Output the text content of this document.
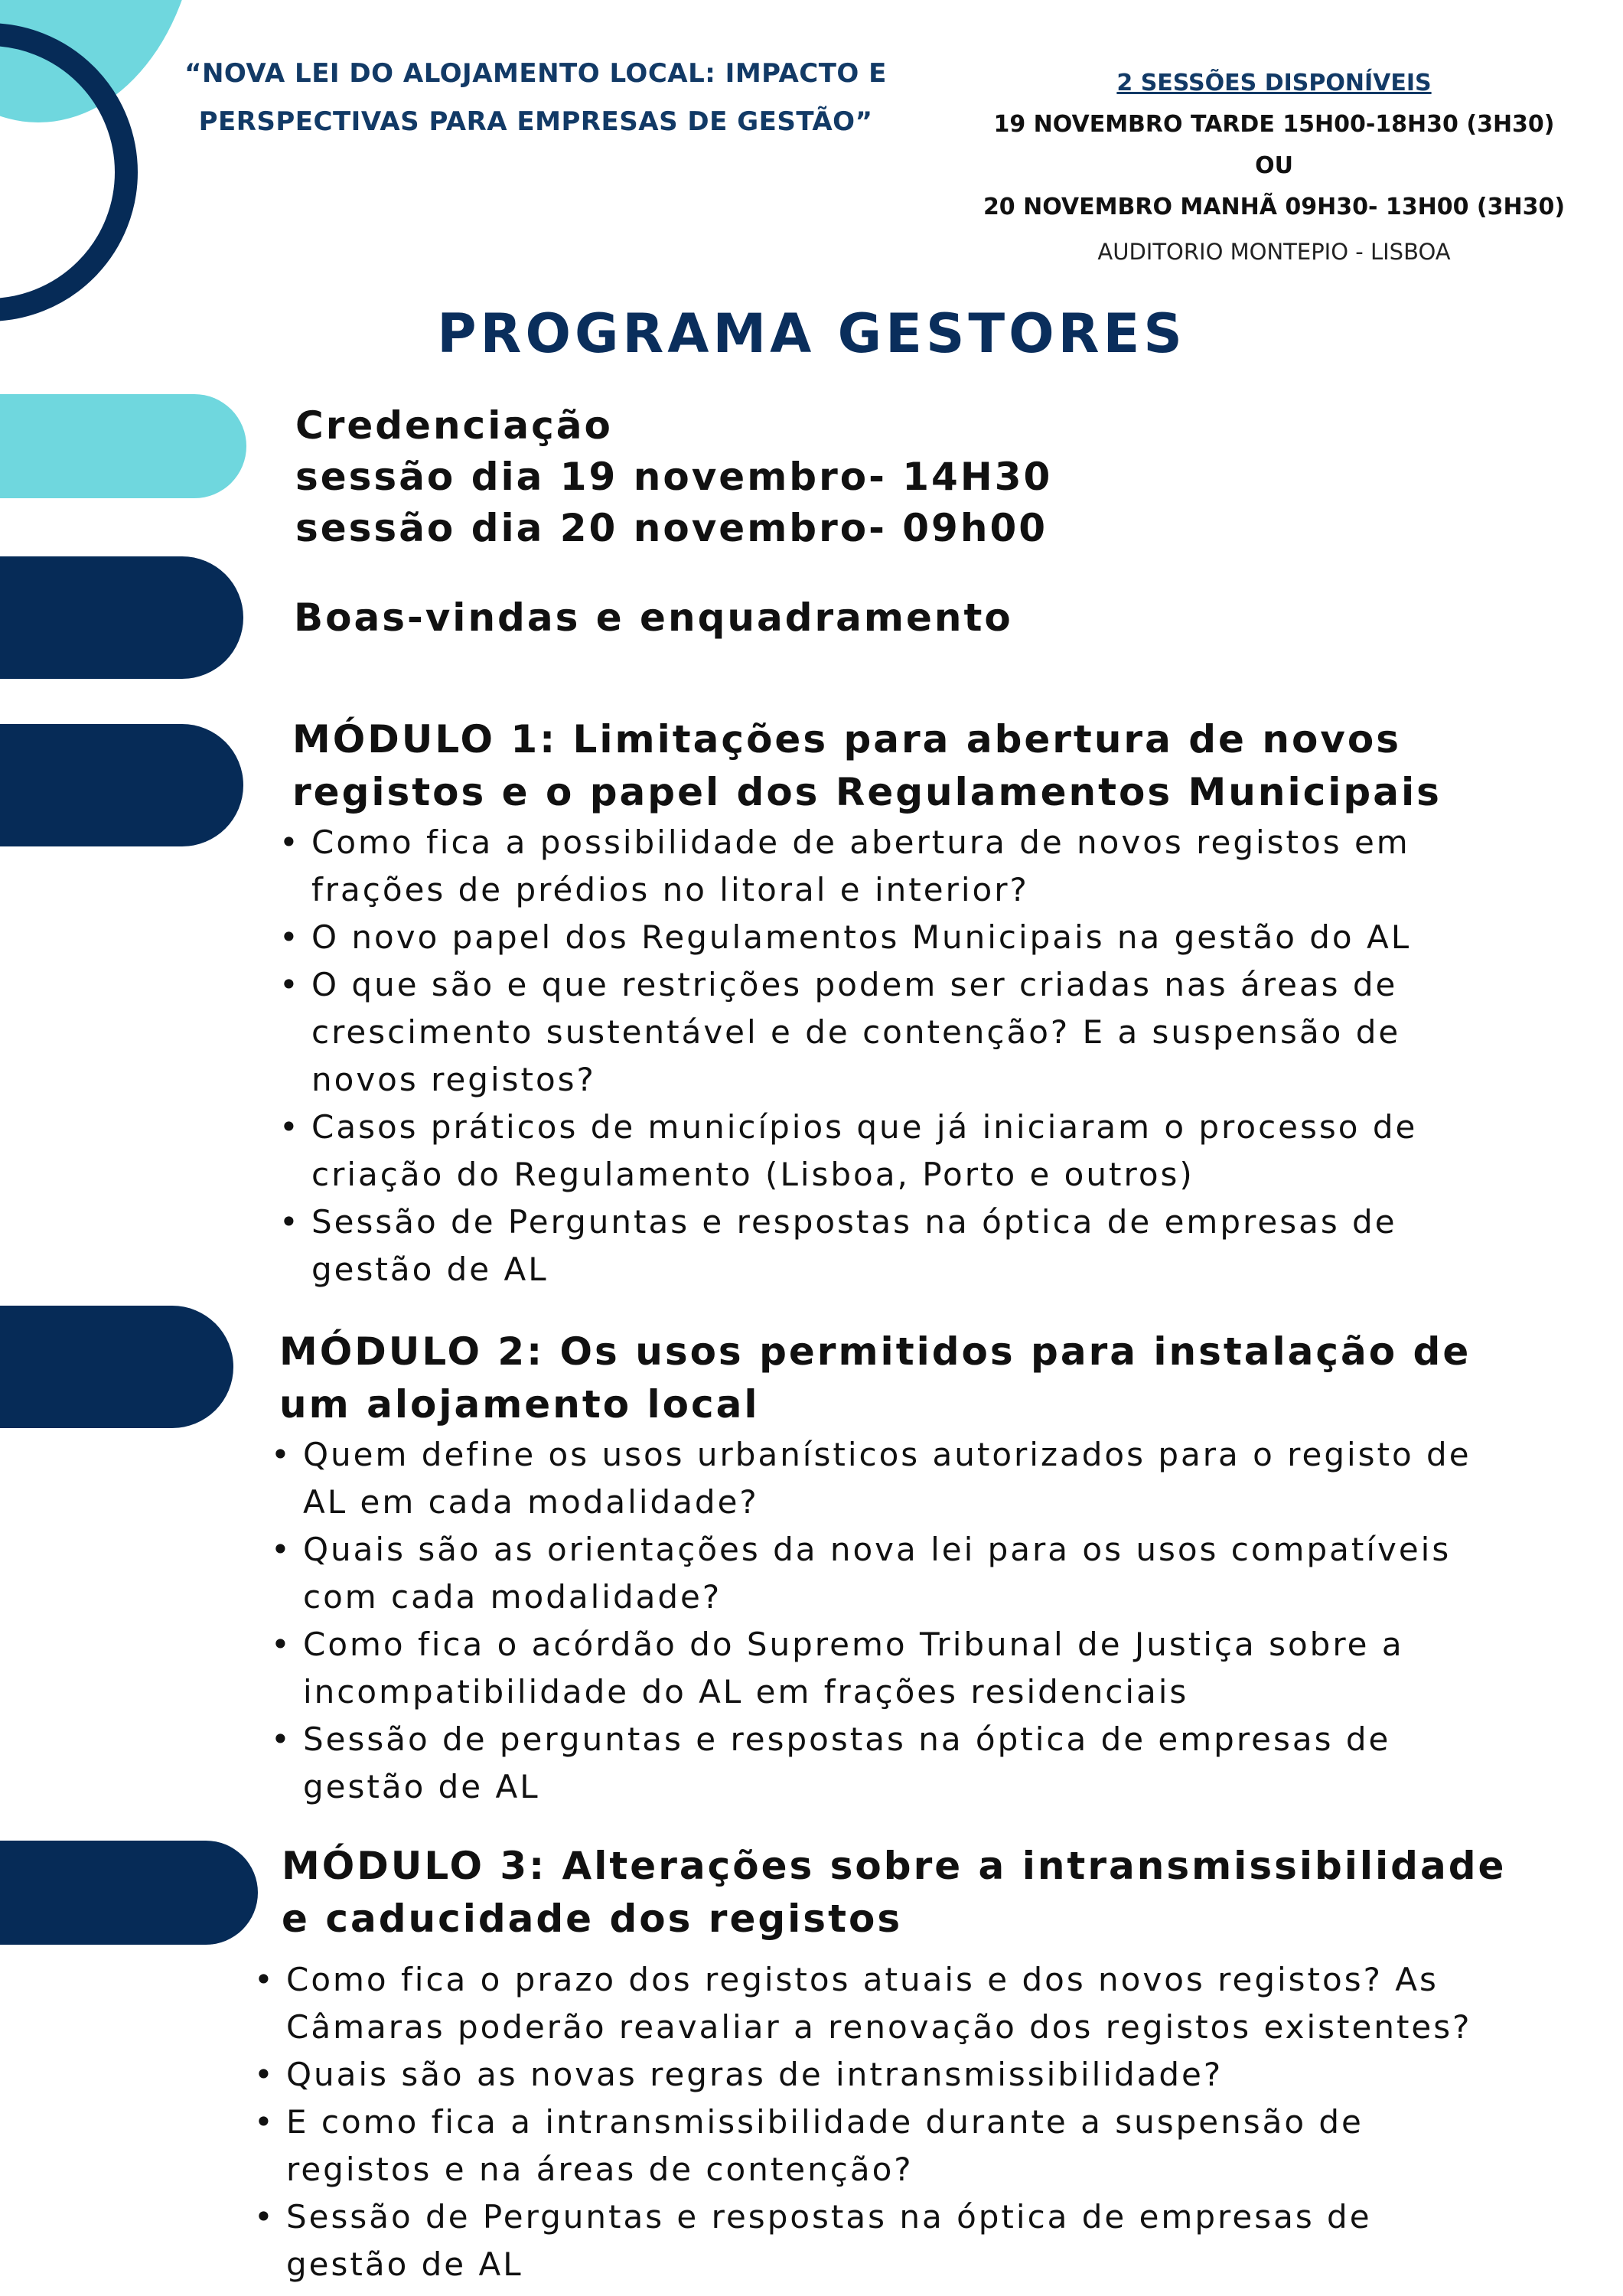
“NOVA LEI DO ALOJAMENTO LOCAL: IMPACTO E
PERSPECTIVAS PARA EMPRESAS DE GESTÃO”
2 SESSÕES DISPONÍVEIS
19 NOVEMBRO TARDE 15H00-18H30 (3H30)
OU
20 NOVEMBRO MANHÃ 09H30- 13H00 (3H30)
AUDITORIO MONTEPIO - LISBOA
PROGRAMA GESTORES
Credenciação
sessão dia 19 novembro- 14H30
sessão dia 20 novembro- 09h00
Boas-vindas e enquadramento
MÓDULO 1: Limitações para abertura de novos
registos e o papel dos Regulamentos Municipais
• Como fica a possibilidade de abertura de novos registos em
frações de prédios no litoral e interior?
• O novo papel dos Regulamentos Municipais na gestão do AL
• O que são e que restrições podem ser criadas nas áreas de
crescimento sustentável e de contenção? E a suspensão de
novos registos?
• Casos práticos de municípios que já iniciaram o processo de
criação do Regulamento (Lisboa, Porto e outros)
• Sessão de Perguntas e respostas na óptica de empresas de
gestão de AL
MÓDULO 2: Os usos permitidos para instalação de
um alojamento local
• Quem define os usos urbanísticos autorizados para o registo de
AL em cada modalidade?
• Quais são as orientações da nova lei para os usos compatíveis
com cada modalidade?
• Como fica o acórdão do Supremo Tribunal de Justiça sobre a
incompatibilidade do AL em frações residenciais
• Sessão de perguntas e respostas na óptica de empresas de
gestão de AL
MÓDULO 3: Alterações sobre a intransmissibilidade
e caducidade dos registos
• Como fica o prazo dos registos atuais e dos novos registos? As
Câmaras poderão reavaliar a renovação dos registos existentes?
• Quais são as novas regras de intransmissibilidade?
• E como fica a intransmissibilidade durante a suspensão de
registos e na áreas de contenção?
• Sessão de Perguntas e respostas na óptica de empresas de
gestão de AL
